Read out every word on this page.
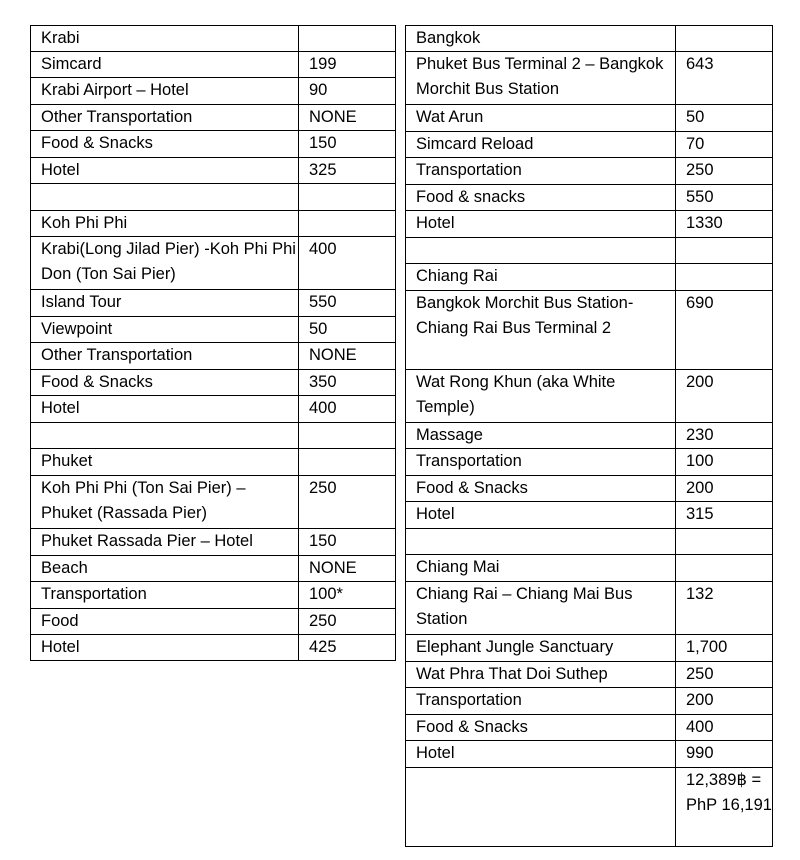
Krabi	
Simcard	199
Krabi Airport – Hotel	90
Other Transportation	NONE
Food & Snacks	150
Hotel	325

Koh Phi Phi	
Krabi(Long Jilad Pier) -Koh Phi Phi Don (Ton Sai Pier)	400
Island Tour	550
Viewpoint	50
Other Transportation	NONE
Food & Snacks	350
Hotel	400

Phuket	
Koh Phi Phi (Ton Sai Pier) – Phuket (Rassada Pier)	250
Phuket Rassada Pier – Hotel	150
Beach	NONE
Transportation	100*
Food	250
Hotel	425
Bangkok	
Phuket Bus Terminal 2 – Bangkok Morchit Bus Station	643
Wat Arun	50
Simcard Reload	70
Transportation	250
Food & snacks	550
Hotel	1330

Chiang Rai	
Bangkok Morchit Bus Station-Chiang Rai Bus Terminal 2	690
Wat Rong Khun (aka White Temple)	200
Massage	230
Transportation	100
Food & Snacks	200
Hotel	315

Chiang Mai	
Chiang Rai – Chiang Mai Bus Station	132
Elephant Jungle Sanctuary	1,700
Wat Phra That Doi Suthep	250
Transportation	200
Food & Snacks	400
Hotel	990
	12,389฿ = PhP 16,191
